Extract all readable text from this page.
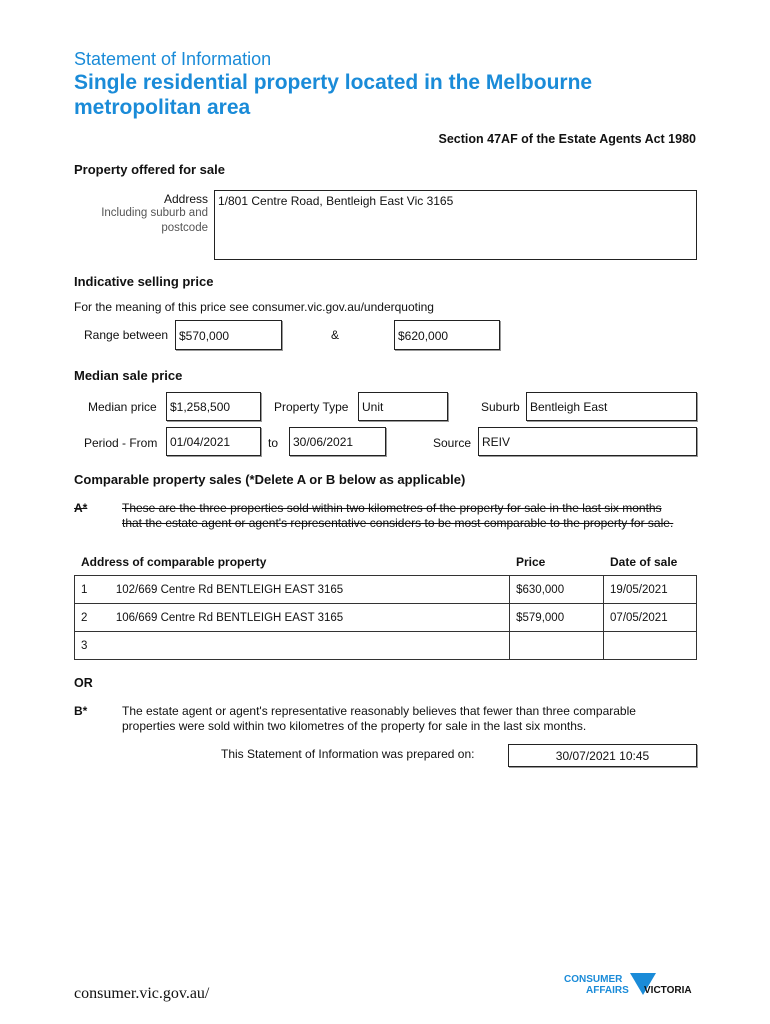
Statement of Information
Single residential property located in the Melbourne metropolitan area
Section 47AF of the Estate Agents Act 1980
Property offered for sale
Address
Including suburb and postcode
1/801 Centre Road, Bentleigh East Vic 3165
Indicative selling price
For the meaning of this price see consumer.vic.gov.au/underquoting
Range between $570,000	&	$620,000
Median sale price
Median price	$1,258,500	Property Type	Unit	Suburb Bentleigh East
Period - From	01/04/2021	to	30/06/2021	Source REIV
Comparable property sales (*Delete A or B below as applicable)
A*	These are the three properties sold within two kilometres of the property for sale in the last six months that the estate agent or agent's representative considers to be most comparable to the property for sale.
Address of comparable property	Price	Date of sale
1 102/669 Centre Rd BENTLEIGH EAST 3165	$630,000	19/05/2021
2 106/669 Centre Rd BENTLEIGH EAST 3165	$579,000	07/05/2021
3		
OR
B*	The estate agent or agent's representative reasonably believes that fewer than three comparable properties were sold within two kilometres of the property for sale in the last six months.
This Statement of Information was prepared on:	30/07/2021 10:45
consumer.vic.gov.au/
CONSUMER
AFFAIRS VICTORIA
